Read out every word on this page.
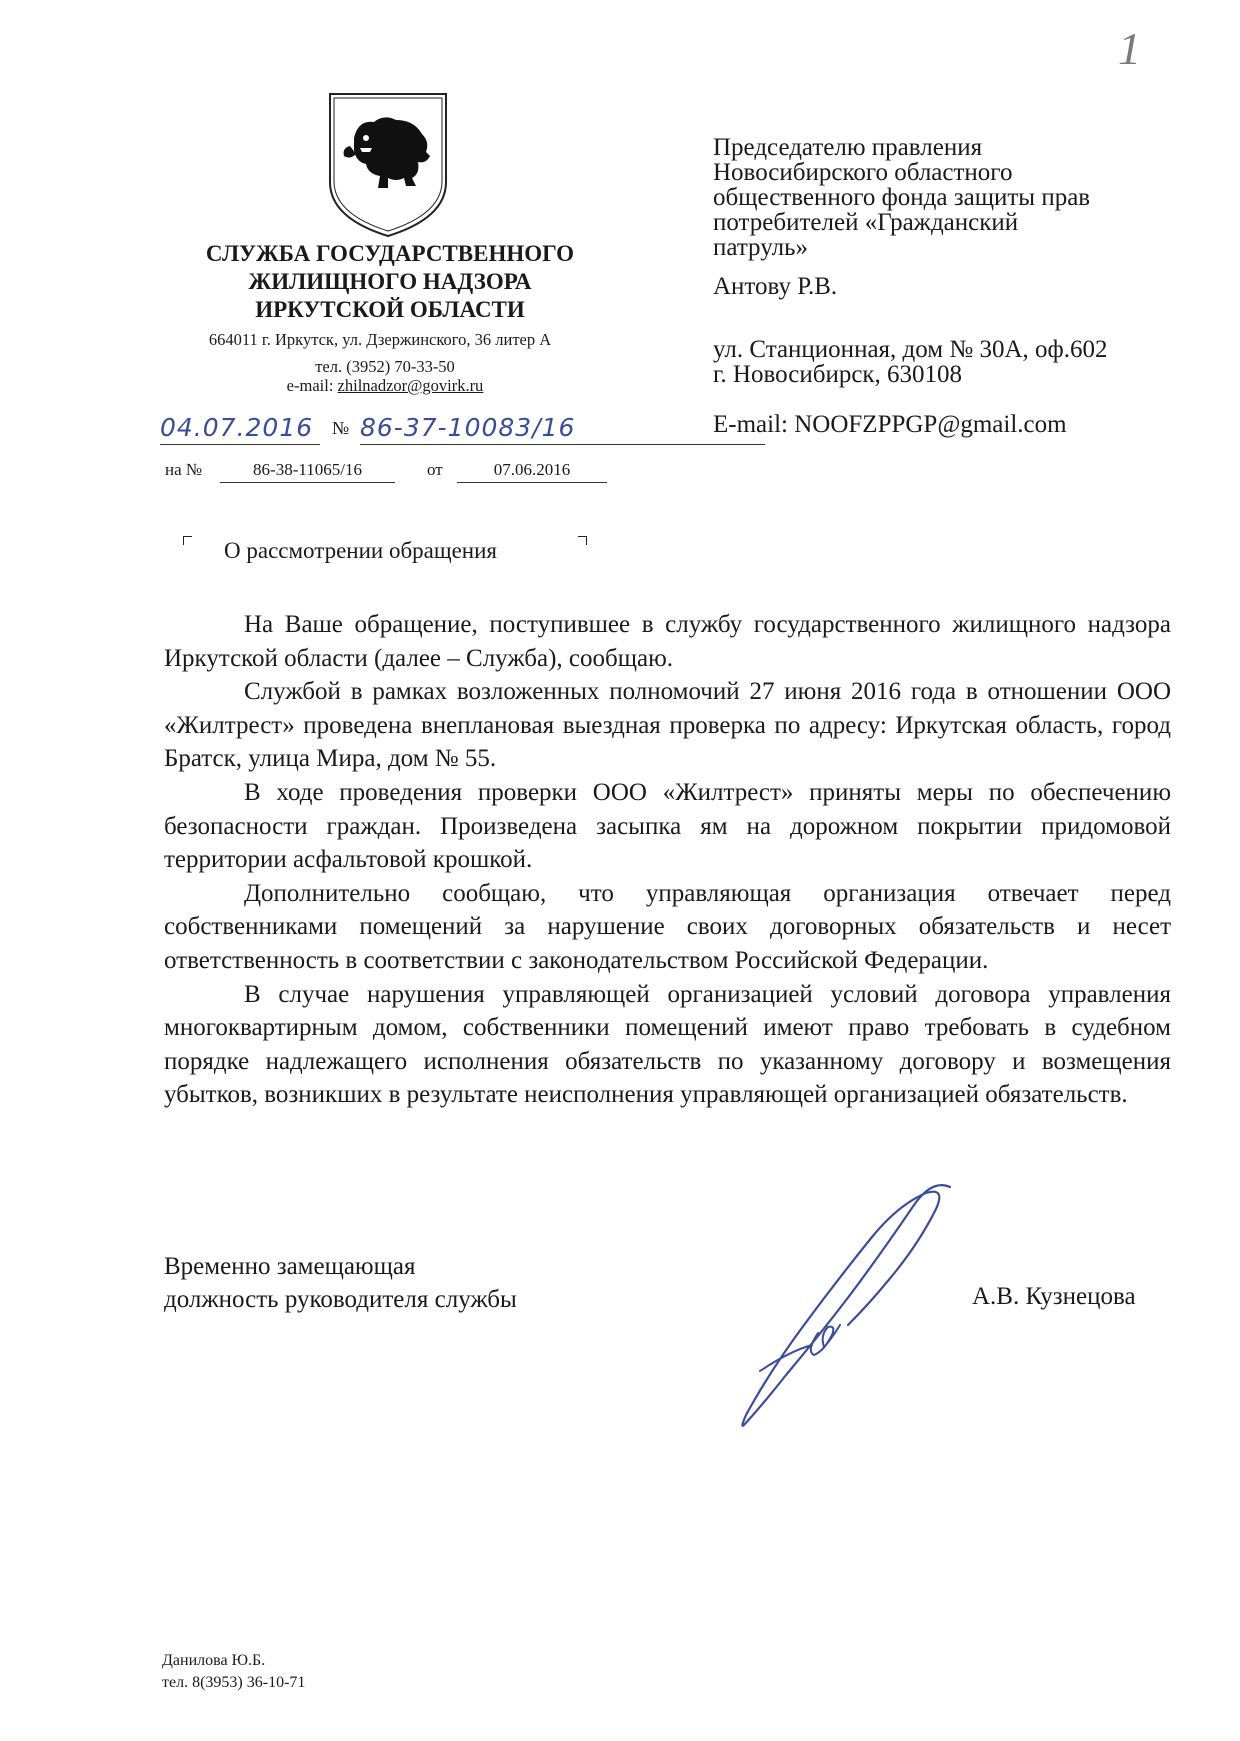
1
СЛУЖБА ГОСУДАРСТВЕННОГО
ЖИЛИЩНОГО НАДЗОРА
ИРКУТСКОЙ ОБЛАСТИ
664011 г. Иркутск, ул. Дзержинского, 36 литер А
тел. (3952) 70-33-50
e-mail: zhilnadzor@govirk.ru
04.07.2016	№ 86-37-10083/16
на №	86-38-11065/16	от	07.06.2016
Председателю правления
Новосибирского областного
общественного фонда защиты прав
потребителей «Гражданский
патруль»
Антову Р.В.
ул. Станционная, дом № 30А, оф.602
г. Новосибирск, 630108
E-mail: NOOFZPPGP@gmail.com
О рассмотрении обращения

На Ваше обращение, поступившее в службу государственного жилищного надзора Иркутской области (далее – Служба), сообщаю.

Службой в рамках возложенных полномочий 27 июня 2016 года в отношении ООО «Жилтрест» проведена внеплановая выездная проверка по адресу: Иркутская область, город Братск, улица Мира, дом № 55.

В ходе проведения проверки ООО «Жилтрест» приняты меры по обеспечению безопасности граждан. Произведена засыпка ям на дорожном покрытии придомовой территории асфальтовой крошкой.

Дополнительно сообщаю, что управляющая организация отвечает перед собственниками помещений за нарушение своих договорных обязательств и несет ответственность в соответствии с законодательством Российской Федерации.

В случае нарушения управляющей организацией условий договора управления многоквартирным домом, собственники помещений имеют право требовать в судебном порядке надлежащего исполнения обязательств по указанному договору и возмещения убытков, возникших в результате неисполнения управляющей организацией обязательств.

Временно замещающая
должность руководителя службы	А.В. Кузнецова
Данилова Ю.Б.
тел. 8(3953) 36-10-71
